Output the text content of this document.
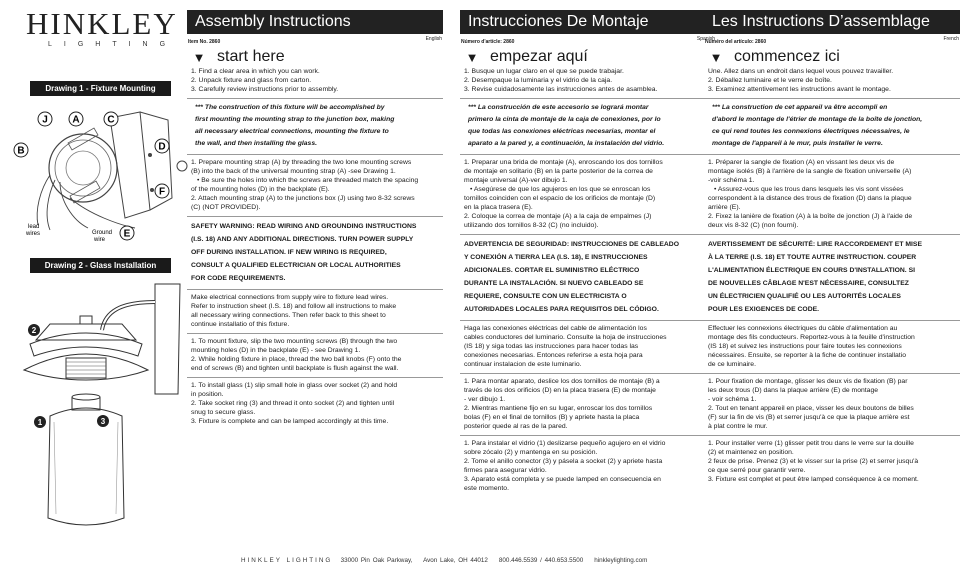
HINKLEY
LIGHTING
Drawing 1 - Fixture Mounting
J A	C
B	D
F
E
lead
wires	Ground
wire
Drawing 2 - Glass Installation
2
3
1
Assembly Instructions
Item No. 2860	English
▼ start here
1. Find a clear area in which you can work.
2. Unpack fixture and glass from carton.
3. Carefully review instructions prior to assembly.
*** The construction of this fixture will be accomplished by
first mounting the mounting strap to the junction box, making
all necessary electrical connections, mounting the fixture to
the wall, and then installing the glass.
1. Prepare mounting strap (A) by threading the two lone mounting screws
(B) into the back of the universal mounting strap (A) -see Drawing 1.
• Be sure the holes into which the screws are threaded match the spacing
of the mounting holes (D) in the backplate (E).
2. Attach mounting strap (A) to the junctions box (J) using two 8-32 screws
(C) (NOT PROVIDED).
SAFETY WARNING: READ WIRING AND GROUNDING INSTRUCTIONS
(I.S. 18) AND ANY ADDITIONAL DIRECTIONS. TURN POWER SUPPLY
OFF DURING INSTALLATION. IF NEW WIRING IS REQUIRED,
CONSULT A QUALIFIED ELECTRICIAN OR LOCAL AUTHORITIES
FOR CODE REQUIREMENTS.
Make electrical connections from supply wire to fixture lead wires.
Refer to instruction sheet (I.S. 18) and follow all instructions to make
all necessary wiring connections. Then refer back to this sheet to
continue installatio of this fixture.
1. To mount fixture, slip the two mounting screws (B) through the two
mounting holes (D) in the backplate (E) - see Drawing 1.
2. While holding fixture in place, thread the two ball knobs (F) onto the
end of screws (B) and tighten until backplate is flush against the wall.
1. To install glass (1) slip small hole in glass over socket (2) and hold
in position.
2. Take socket ring (3) and thread it onto socket (2) and tighten until
snug to secure glass.
3. Fixture is complete and can be lamped accordingly at this time.
Instrucciones De Montaje
Número d'artícle: 2860	Spanish
▼ empezar aquí
1. Busque un lugar claro en el que se puede trabajar.
2. Desempaque la luminaria y el vidrio de la caja.
3. Revise cuidadosamente las instrucciones antes de asamblea.
*** La construcción de este accesorio se logrará montar
primero la cinta de montaje de la caja de conexiones, por lo
que todas las conexiones eléctricas necesarias, montar el
aparato a la pared y, a continuación, la instalación del vidrio.
1. Preparar una brida de montaje (A), enroscando los dos tornillos
de montaje en solitario (B) en la parte posterior de la correa de
montaje universal (A)-ver dibujo 1.
• Asegúrese de que los agujeros en los que se enroscan los
tornillos coinciden con el espacio de los orificios de montaje (D)
en la placa trasera (E).
2. Coloque la correa de montaje (A) a la caja de empalmes (J)
utilizando dos tornillos 8-32 (C) (no incluido).
ADVERTENCIA DE SEGURIDAD: INSTRUCCIONES DE CABLEADO
Y CONEXIÓN A TIERRA LEA (I.S. 18), E INSTRUCCIONES
ADICIONALES. CORTAR EL SUMINISTRO ELÉCTRICO
DURANTE LA INSTALACIÓN. SI NUEVO CABLEADO SE
REQUIERE, CONSULTE CON UN ELECTRICISTA O
AUTORIDADES LOCALES PARA REQUISITOS DEL CÓDIGO.
Haga las conexiones eléctricas del cable de alimentación los
cables conductores del luminario. Consulte la hoja de instrucciones
(IS 18) y siga todas las instrucciones para hacer todas las
conexiones necesarias. Entonces referirse a esta hoja para
continuar instalacion de este luminario.
1. Para montar aparato, deslice los dos tornillos de montaje (B) a
través de los dos orificios (D) en la placa trasera (E) de montaje
- ver dibujo 1.
2. Mientras mantiene fijo en su lugar, enroscar los dos tornillos
bolas (F) en el final de tornillos (B) y apriete hasta la placa
posterior quede al ras de la pared.
1. Para instalar el vidrio (1) deslizarse pequeño agujero en el vidrio
sobre zócalo (2) y mantenga en su posición.
2. Tome el anillo conector (3) y pásela a socket (2) y apriete hasta
firmes para asegurar vidrio.
3. Aparato está completa y se puede lamped en consecuencia en
este momento.
Les Instructions D’assemblage
Numéro del artículo: 2860	French
▼ commencez ici
Une. Allez dans un endroit dans lequel vous pouvez travailler.
2. Déballez luminaire et le verre de boîte.
3. Examinez attentivement les instructions avant le montage.
*** La construction de cet appareil va être accompli en
d'abord le montage de l'étrier de montage de la boîte de jonction,
ce qui rend toutes les connexions électriques nécessaires, le
montage de l'appareil à le mur, puis installer le verre.
1. Préparer la sangle de fixation (A) en vissant les deux vis de
montage isolés (B) à l'arrière de la sangle de fixation universelle (A)
-voir schéma 1.
• Assurez-vous que les trous dans lesquels les vis sont vissées
correspondent à la distance des trous de fixation (D) dans la plaque
arrière (E).
2. Fixez la lanière de fixation (A) à la boîte de jonction (J) à l'aide de
deux vis 8-32 (C) (non fourni).
AVERTISSEMENT DE SÉCURITÉ: LIRE RACCORDEMENT ET MISE
À LA TERRE (I.S. 18) ET TOUTE AUTRE INSTRUCTION. COUPER
L'ALIMENTATION ÉLECTRIQUE EN COURS D'INSTALLATION. SI
DE NOUVELLES CÂBLAGE N'EST NÉCESSAIRE, CONSULTEZ
UN ÉLECTRICIEN QUALIFIÉ OU LES AUTORITÉS LOCALES
POUR LES EXIGENCES DE CODE.
Effectuer les connexions électriques du câble d'alimentation au
montage des fils conducteurs. Reportez-vous à la feuille d'instruction
(IS 18) et suivez les instructions pour faire toutes les connexions
nécessaires. Ensuite, se reporter à la fiche de continuer installatio
de ce luminaire.
1. Pour fixation de montage, glisser les deux vis de fixation (B) par
les deux trous (D) dans la plaque arrière (E) de montage
- voir schéma 1.
2. Tout en tenant appareil en place, visser les deux boutons de billes
(F) sur la fin de vis (B) et serrer jusqu'à ce que la plaque arrière est
à plat contre le mur.
1. Pour installer verre (1) glisser petit trou dans le verre sur la douille
(2) et maintenez en position.
2 feux de prise. Prenez (3) et le visser sur la prise (2) et serrer jusqu'à
ce que serré pour garantir verre.
3. Fixture est complet et peut être lamped conséquence à ce moment.
HINKLEY LIGHTING 33000 Pin Oak Parkway,    Avon Lake, OH 44012    800.446.5539 / 440.653.5500    hinkleylighting.com
